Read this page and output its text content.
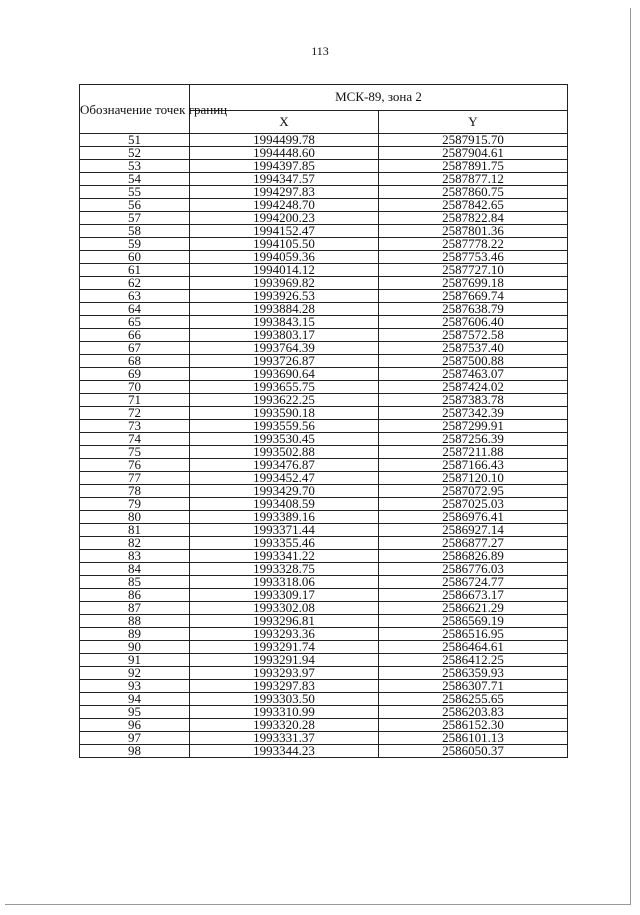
113
Обозначение точек границ	МСК-89, зона 2	
	X	Y
51	1994499.78	2587915.70
52	1994448.60	2587904.61
53	1994397.85	2587891.75
54	1994347.57	2587877.12
55	1994297.83	2587860.75
56	1994248.70	2587842.65
57	1994200.23	2587822.84
58	1994152.47	2587801.36
59	1994105.50	2587778.22
60	1994059.36	2587753.46
61	1994014.12	2587727.10
62	1993969.82	2587699.18
63	1993926.53	2587669.74
64	1993884.28	2587638.79
65	1993843.15	2587606.40
66	1993803.17	2587572.58
67	1993764.39	2587537.40
68	1993726.87	2587500.88
69	1993690.64	2587463.07
70	1993655.75	2587424.02
71	1993622.25	2587383.78
72	1993590.18	2587342.39
73	1993559.56	2587299.91
74	1993530.45	2587256.39
75	1993502.88	2587211.88
76	1993476.87	2587166.43
77	1993452.47	2587120.10
78	1993429.70	2587072.95
79	1993408.59	2587025.03
80	1993389.16	2586976.41
81	1993371.44	2586927.14
82	1993355.46	2586877.27
83	1993341.22	2586826.89
84	1993328.75	2586776.03
85	1993318.06	2586724.77
86	1993309.17	2586673.17
87	1993302.08	2586621.29
88	1993296.81	2586569.19
89	1993293.36	2586516.95
90	1993291.74	2586464.61
91	1993291.94	2586412.25
92	1993293.97	2586359.93
93	1993297.83	2586307.71
94	1993303.50	2586255.65
95	1993310.99	2586203.83
96	1993320.28	2586152.30
97	1993331.37	2586101.13
98	1993344.23	2586050.37
